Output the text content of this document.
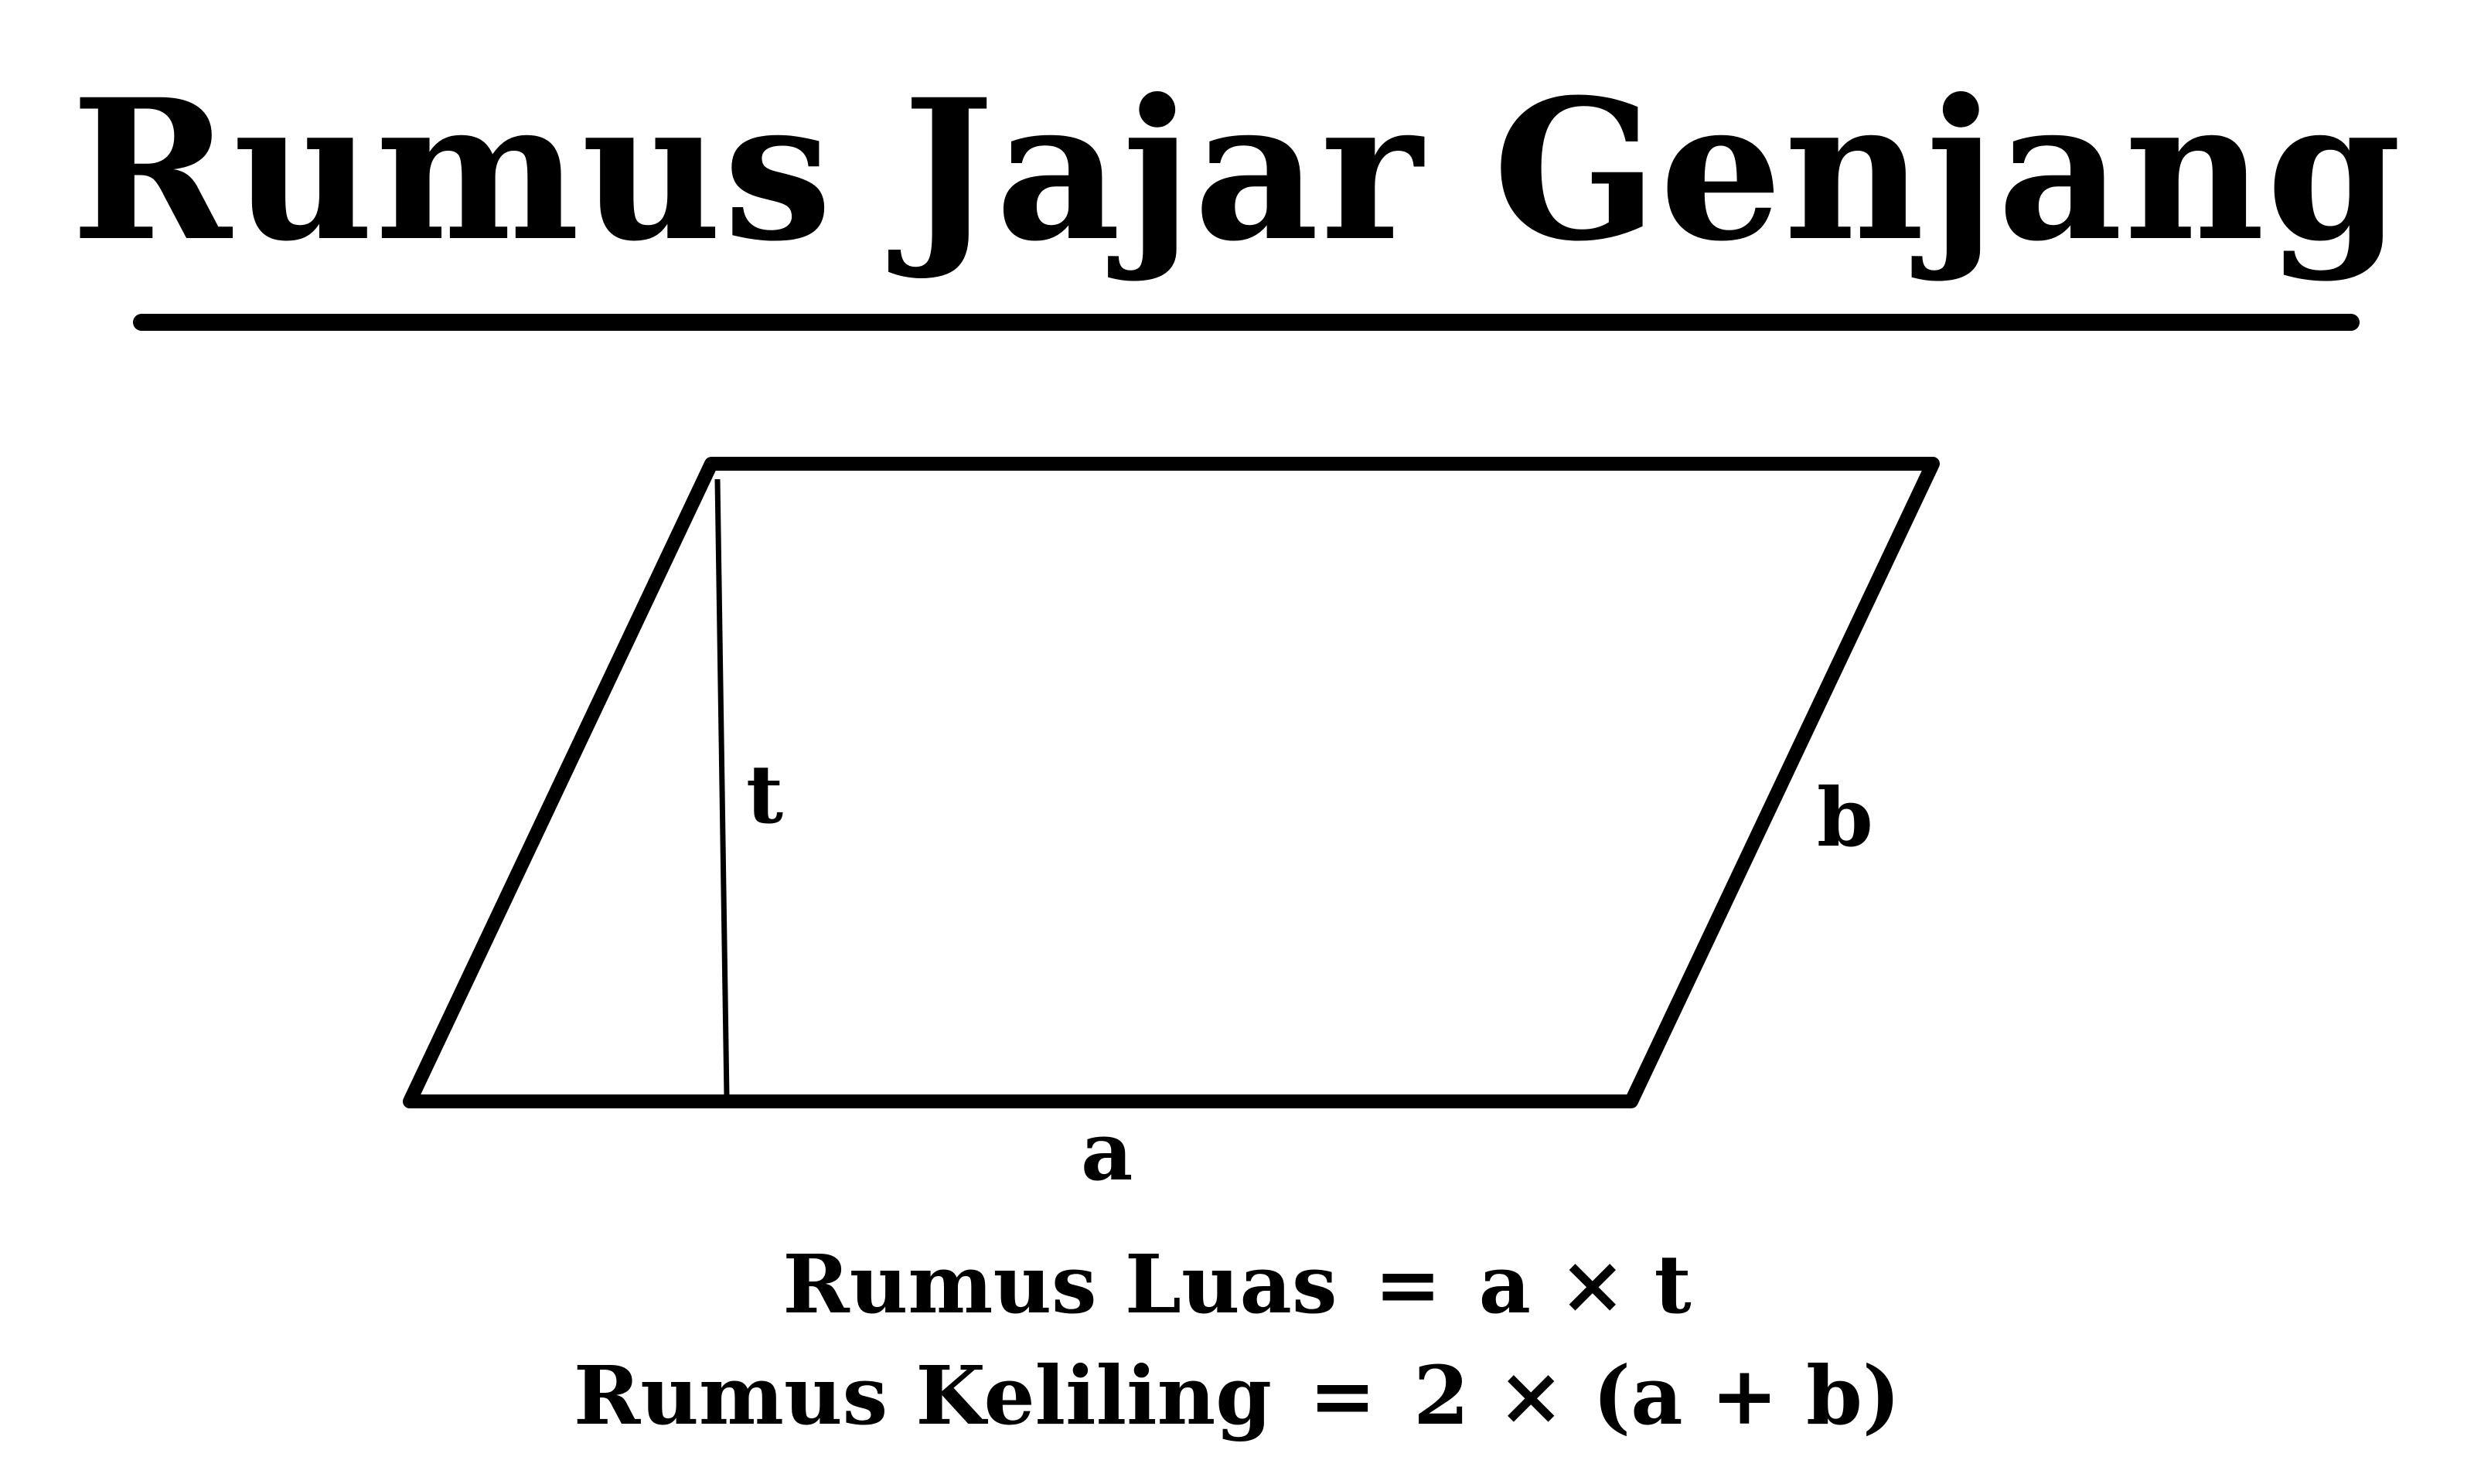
Rumus Jajar Genjang
t	b
a
Rumus Luas = a × t
Rumus Keliling = 2 × (a + b)
